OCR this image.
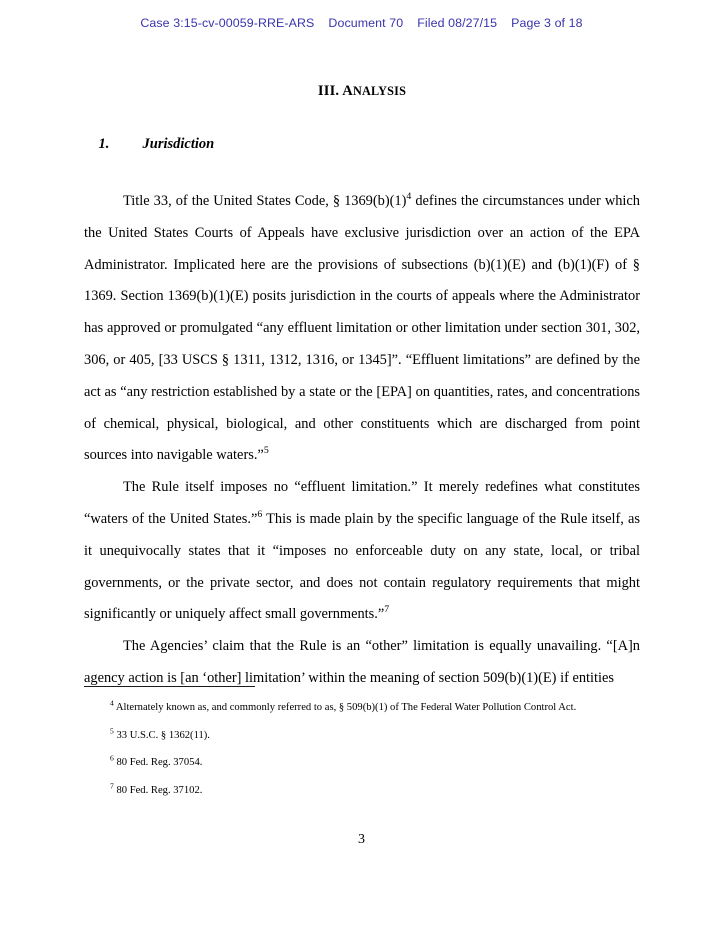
Case 3:15-cv-00059-RRE-ARS Document 70 Filed 08/27/15 Page 3 of 18
III. ANALYSIS

1. Jurisdiction

Title 33, of the United States Code, § $1369(b)(1)^4$ defines the circumstances under which the United States Courts of Appeals have exclusive jurisdiction over an action of the EPA Administrator. Implicated here are the provisions of subsections (b)(1)(E) and (b)(1)(F) of § 1369. Section 1369(b)(1)(E) posits jurisdiction in the courts of appeals where the Administrator has approved or promulgated “any effluent limitation or other limitation under section 301, 302, 306, or 405, [33 USCS § 1311, 1312, 1316, or 1345]”. “Effluent limitations” are defined by the act as “any restriction established by a state or the [EPA] on quantities, rates, and concentrations of chemical, physical, biological, and other constituents which are discharged from point sources into navigable waters.”$^5$

The Rule itself imposes no “effluent limitation.” It merely redefines what constitutes “waters of the United States.”$^6$ This is made plain by the specific language of the Rule itself, as it unequivocally states that it “imposes no enforceable duty on any state, local, or tribal governments, or the private sector, and does not contain regulatory requirements that might significantly or uniquely affect small governments.”$^7$

The Agencies’ claim that the Rule is an “other” limitation is equally unavailing. “[A]n agency action is [an ‘other] limitation’ within the meaning of section 509(b)(1)(E) if entities

$^4$ Alternately known as, and commonly referred to as, § 509(b)(1) of The Federal Water Pollution Control Act.

$^5$ 33 U.S.C. § 1362(11).

$^6$ 80 Fed. Reg. 37054.

$^7$ 80 Fed. Reg. 37102.

3
